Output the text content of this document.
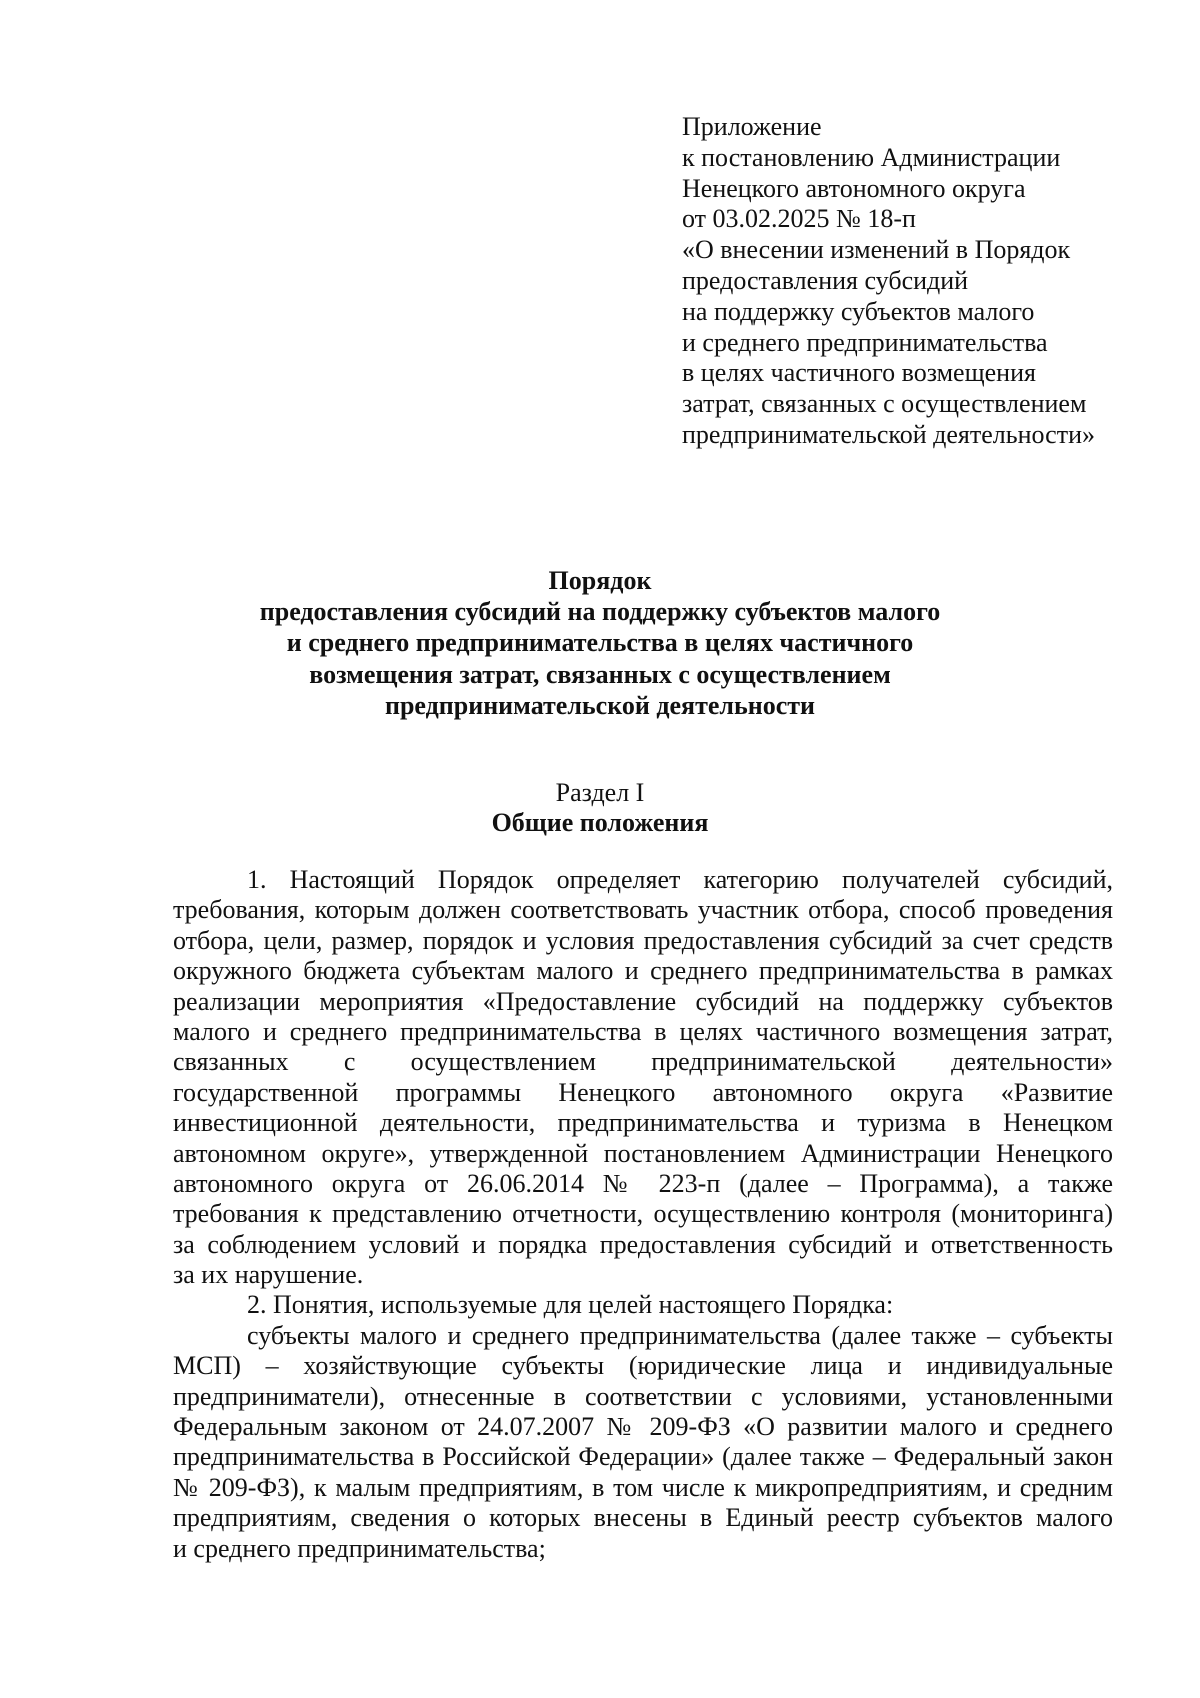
Приложение
к постановлению Администрации
Ненецкого автономного округа
от 03.02.2025 № 18-п
«О внесении изменений в Порядок
предоставления субсидий
на поддержку субъектов малого
и среднего предпринимательства
в целях частичного возмещения
затрат, связанных с осуществлением
предпринимательской деятельности»
Порядок
предоставления субсидий на поддержку субъектов малого
и среднего предпринимательства в целях частичного
возмещения затрат, связанных с осуществлением
предпринимательской деятельности
Раздел I
Общие положения
1. Настоящий Порядок определяет категорию получателей субсидий,
требования, которым должен соответствовать участник отбора, способ проведения
отбора, цели, размер, порядок и условия предоставления субсидий за счет средств
окружного бюджета субъектам малого и среднего предпринимательства в рамках
реализации мероприятия «Предоставление субсидий на поддержку субъектов
малого и среднего предпринимательства в целях частичного возмещения затрат,
связанных с осуществлением предпринимательской деятельности»
государственной программы Ненецкого автономного округа «Развитие
инвестиционной деятельности, предпринимательства и туризма в Ненецком
автономном округе», утвержденной постановлением Администрации Ненецкого
автономного округа от 26.06.2014 № 223-п (далее – Программа), а также
требования к представлению отчетности, осуществлению контроля (мониторинга)
за соблюдением условий и порядка предоставления субсидий и ответственность
за их нарушение.
2. Понятия, используемые для целей настоящего Порядка:
субъекты малого и среднего предпринимательства (далее также – субъекты
МСП) – хозяйствующие субъекты (юридические лица и индивидуальные
предприниматели), отнесенные в соответствии с условиями, установленными
Федеральным законом от 24.07.2007 № 209-ФЗ «О развитии малого и среднего
предпринимательства в Российской Федерации» (далее также – Федеральный закон
№ 209-ФЗ), к малым предприятиям, в том числе к микропредприятиям, и средним
предприятиям, сведения о которых внесены в Единый реестр субъектов малого
и среднего предпринимательства;
